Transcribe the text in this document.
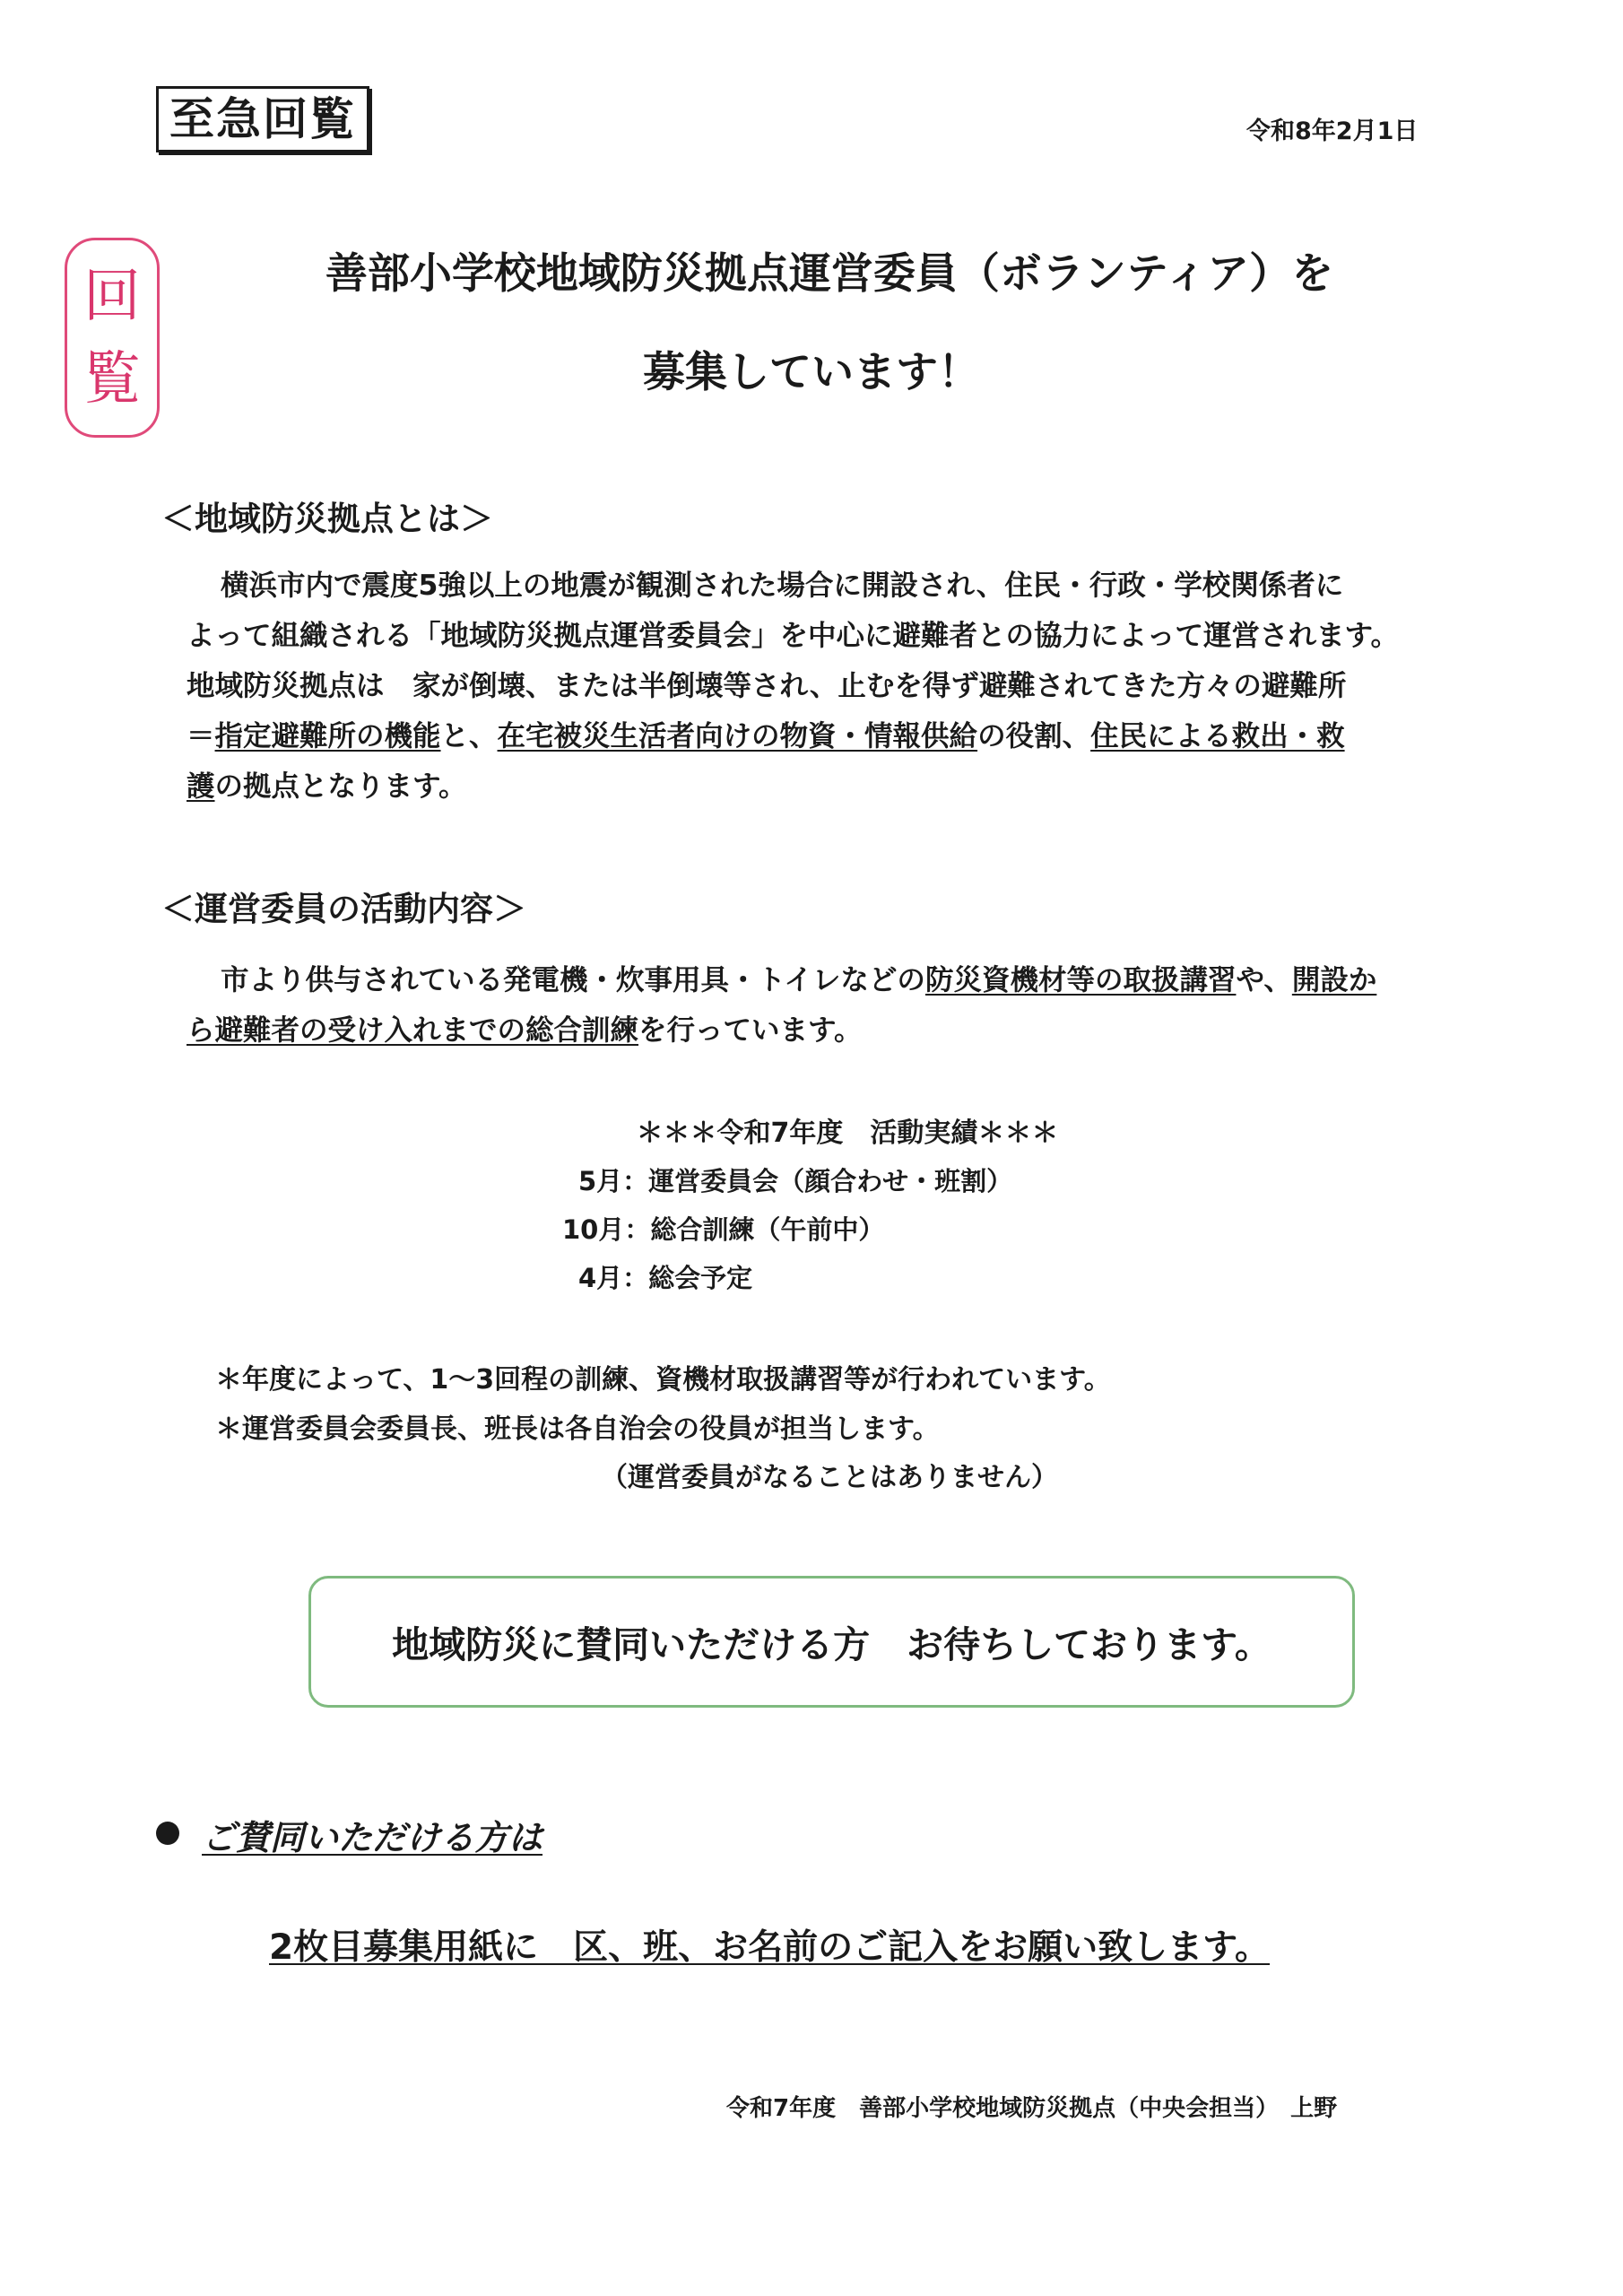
至急回覧	令和8年2月1日
回
覧
善部小学校地域防災拠点運営委員（ボランティア）を
募集しています！
＜地域防災拠点とは＞

横浜市内で震度5強以上の地震が観測された場合に開設され、住民・行政・学校関係者に

よって組織される「地域防災拠点運営委員会」を中心に避難者との協力によって運営されます。

地域防災拠点は　家が倒壊、または半倒壊等され、止むを得ず避難されてきた方々の避難所

＝指定避難所の機能と、在宅被災生活者向けの物資・情報供給の役割、住民による救出・救

護の拠点となります。

＜運営委員の活動内容＞

市より供与されている発電機・炊事用具・トイレなどの防災資機材等の取扱講習や、開設か

ら避難者の受け入れまでの総合訓練を行っています。

＊＊＊令和7年度　活動実績＊＊＊
5月：運営委員会（顔合わせ・班割）
10月：総合訓練（午前中）
4月：総会予定
＊年度によって、1～3回程の訓練、資機材取扱講習等が行われています。
＊運営委員会委員長、班長は各自治会の役員が担当します。
（運営委員がなることはありません）
地域防災に賛同いただける方　お待ちしております。
ご賛同いただける方は
2枚目募集用紙に　区、班、お名前のご記入をお願い致します。
令和7年度　善部小学校地域防災拠点（中央会担当）　上野
